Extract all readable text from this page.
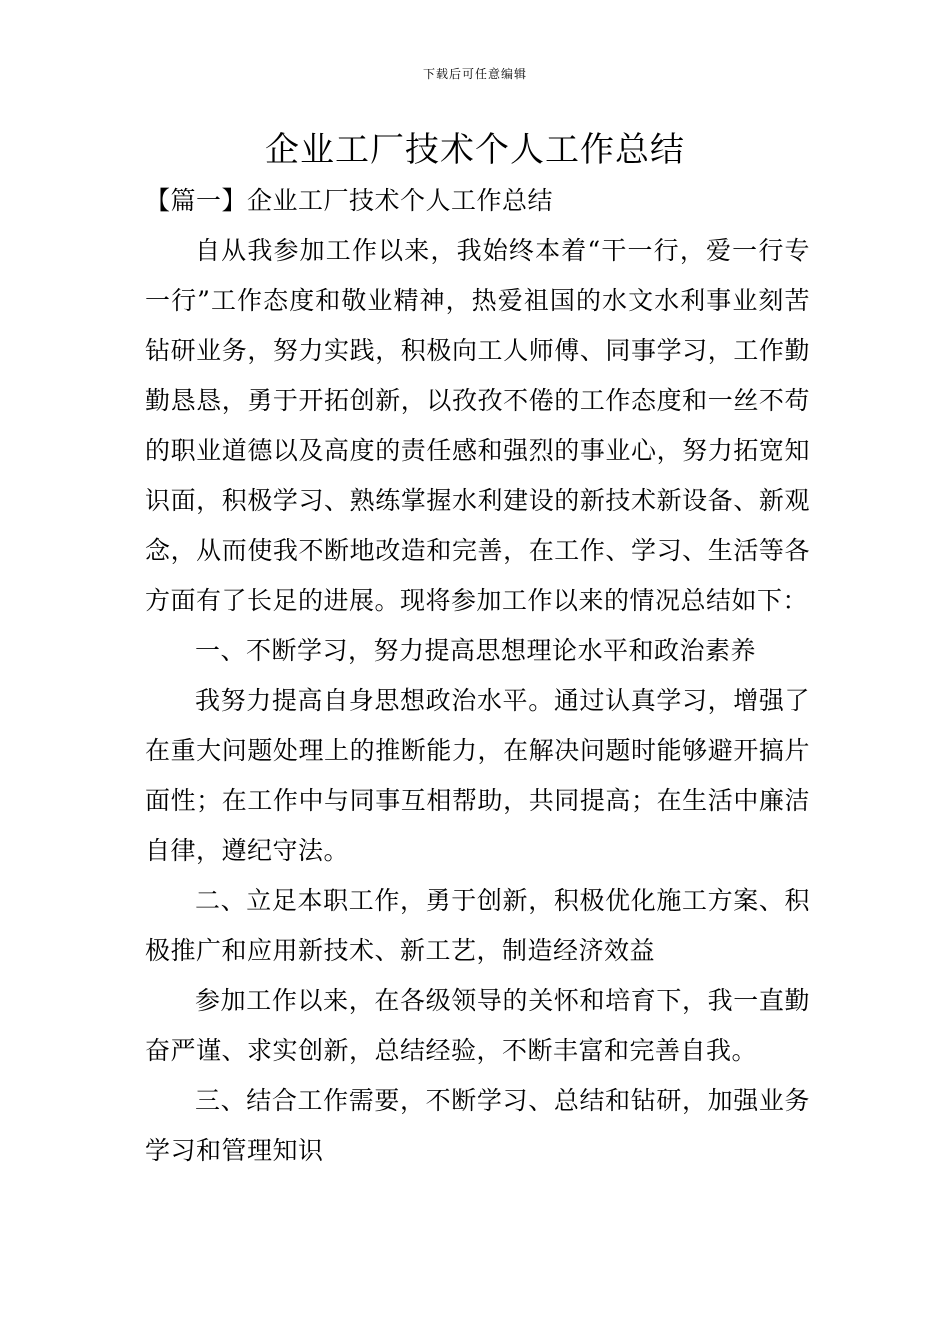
下载后可任意编辑
企业工厂技术个人工作总结

【篇一】企业工厂技术个人工作总结

自从我参加工作以来，我始终本着“干一行，爱一行专一行”工作态度和敬业精神，热爱祖国的水文水利事业刻苦钻研业务，努力实践，积极向工人师傅、同事学习，工作勤勤恳恳，勇于开拓创新，以孜孜不倦的工作态度和一丝不苟的职业道德以及高度的责任感和强烈的事业心，努力拓宽知识面，积极学习、熟练掌握水利建设的新技术新设备、新观念，从而使我不断地改造和完善，在工作、学习、生活等各方面有了长足的进展。现将参加工作以来的情况总结如下：

一、不断学习，努力提高思想理论水平和政治素养

我努力提高自身思想政治水平。通过认真学习，增强了在重大问题处理上的推断能力，在解决问题时能够避开搞片面性；在工作中与同事互相帮助，共同提高；在生活中廉洁自律，遵纪守法。

二、立足本职工作，勇于创新，积极优化施工方案、积极推广和应用新技术、新工艺，制造经济效益

参加工作以来，在各级领导的关怀和培育下，我一直勤奋严谨、求实创新，总结经验，不断丰富和完善自我。

三、结合工作需要，不断学习、总结和钻研，加强业务学习和管理知识
